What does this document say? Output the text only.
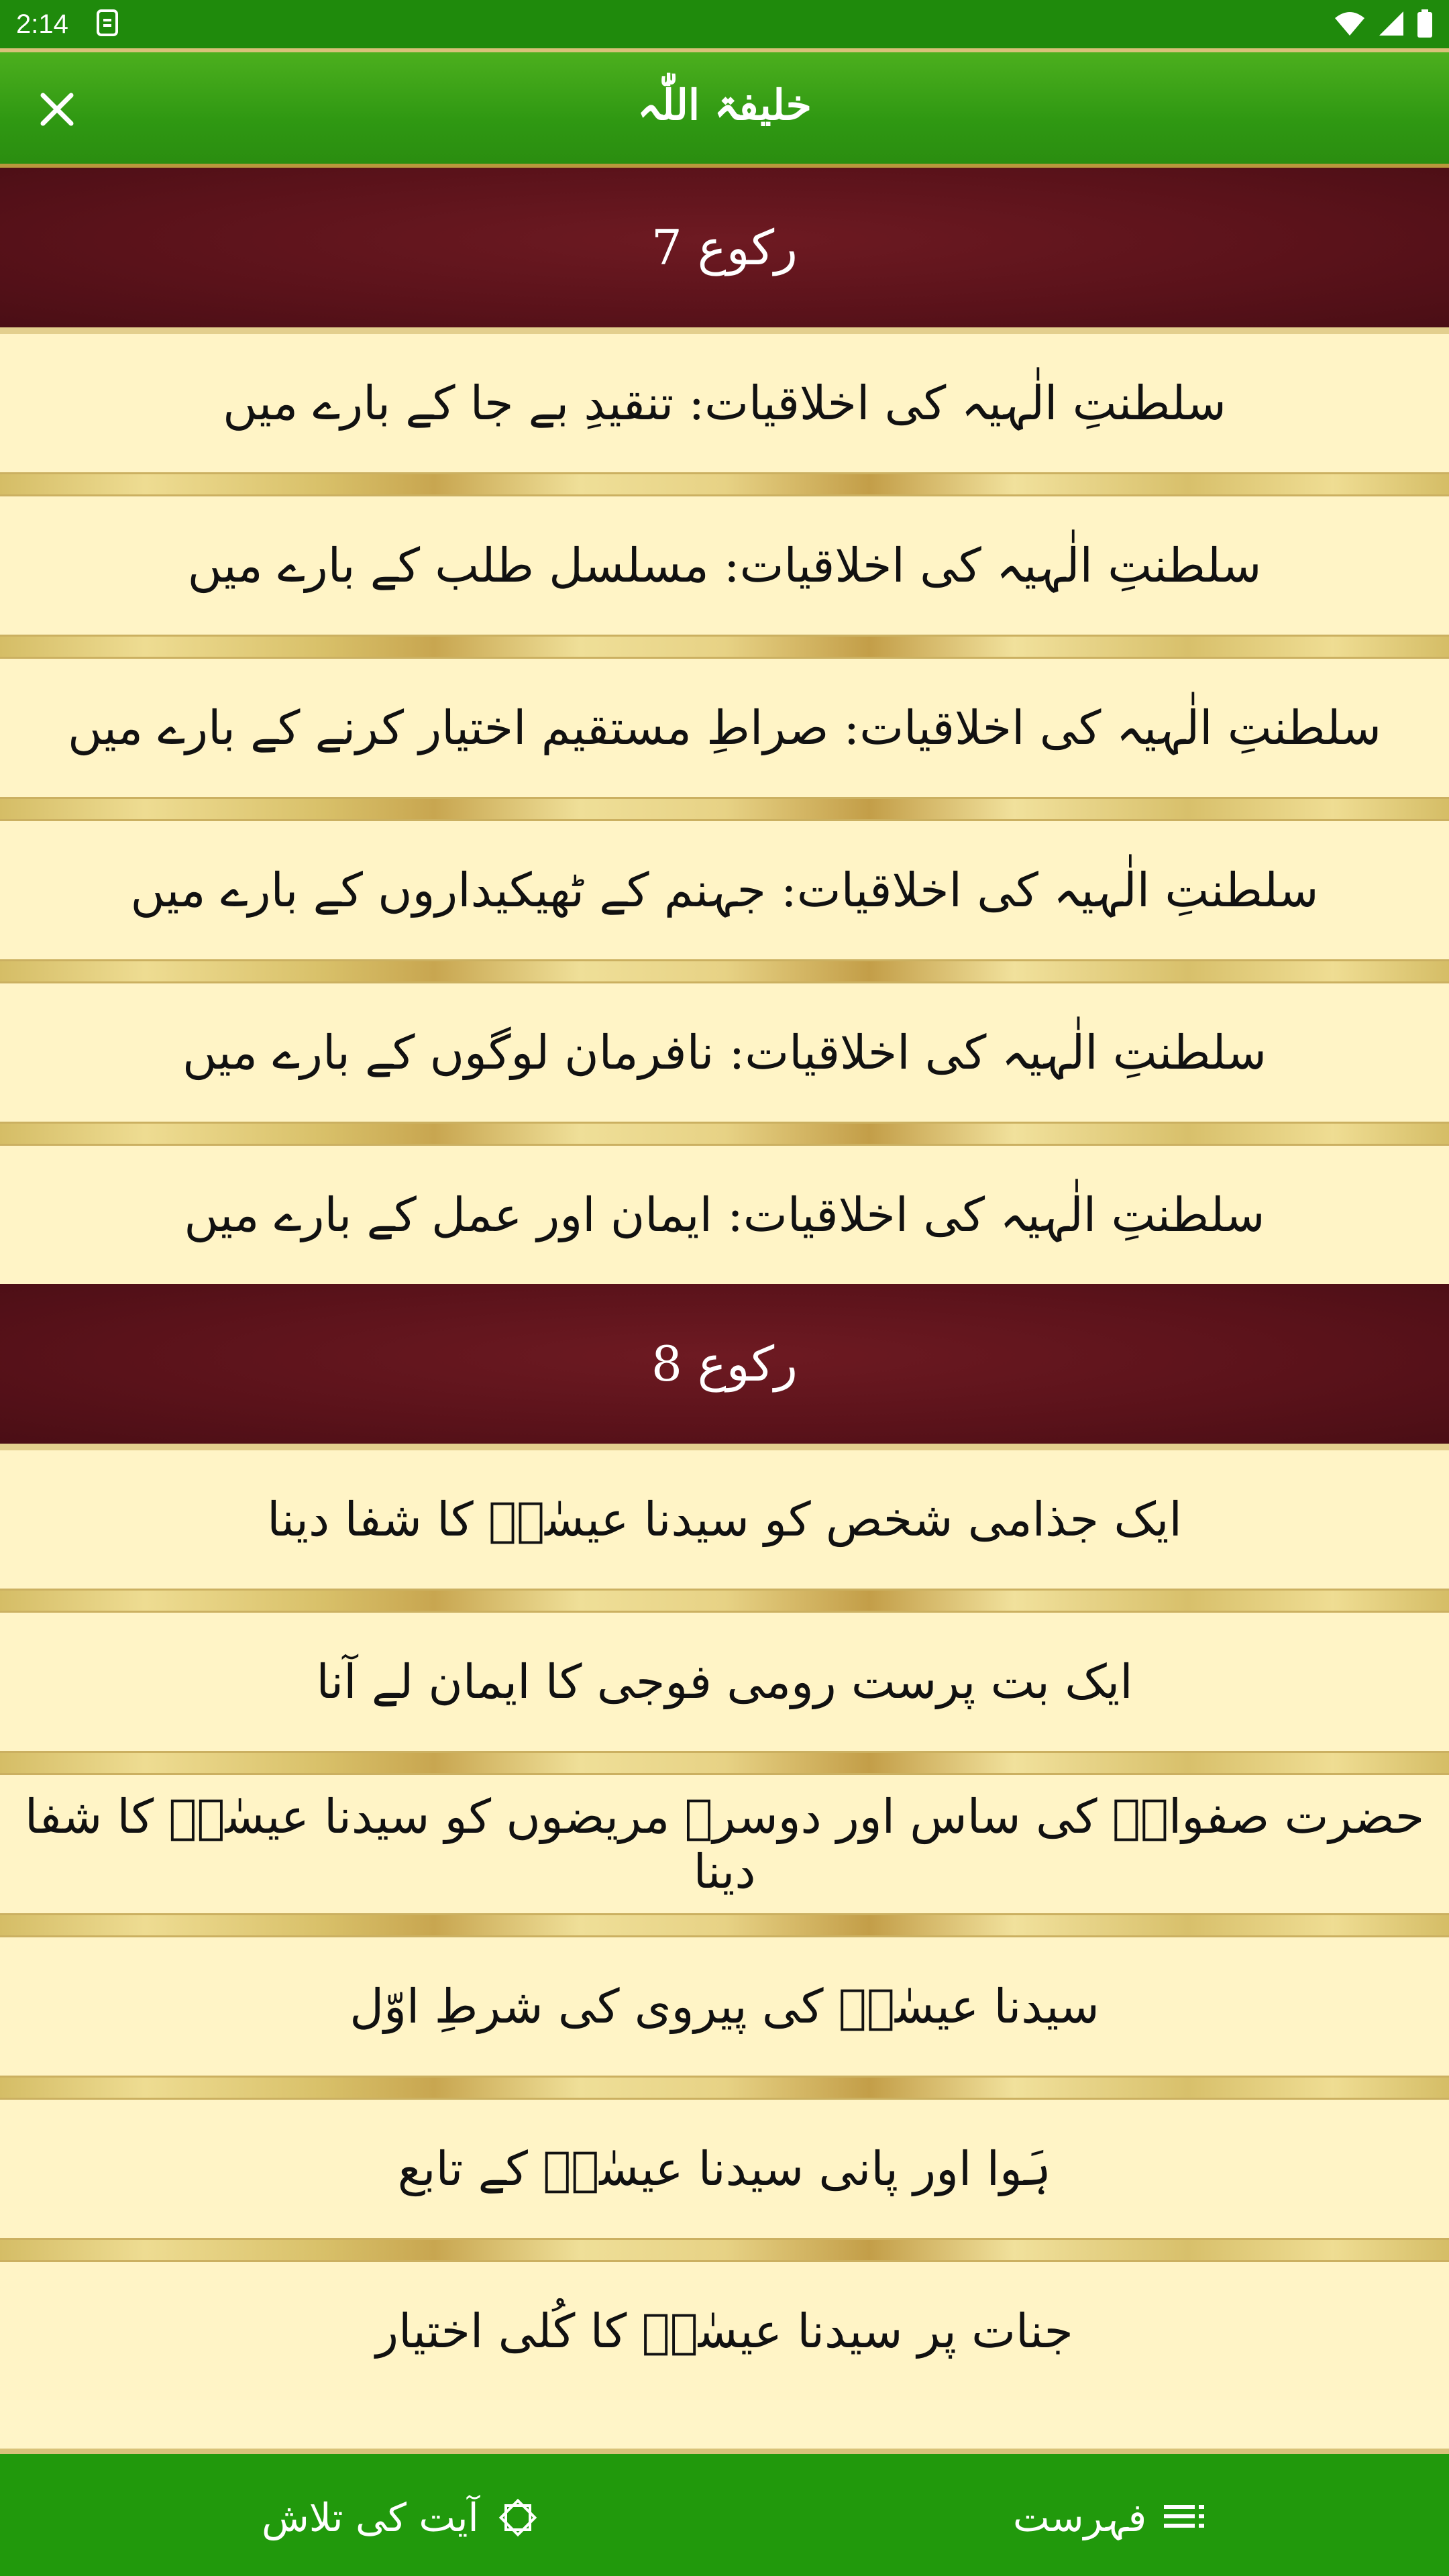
2:14
خلیفۃ اللّٰہ
رکوع 7
سلطنتِ الٰہیہ کی اخلاقیات: تنقیدِ بے جا کے بارے میں
سلطنتِ الٰہیہ کی اخلاقیات: مسلسل طلب کے بارے میں
سلطنتِ الٰہیہ کی اخلاقیات: صراطِ مستقیم اختیار کرنے کے بارے میں
سلطنتِ الٰہیہ کی اخلاقیات: جہنم کے ٹھیکیداروں کے بارے میں
سلطنتِ الٰہیہ کی اخلاقیات: نافرمان لوگوں کے بارے میں
سلطنتِ الٰہیہ کی اخلاقیات: ایمان اور عمل کے بارے میں
رکوع 8
ایک جذامی شخص کو سیدنا عیسٰیؑ کا شفا دینا
ایک بت پرست رومی فوجی کا ایمان لے آنا
حضرت صفوانؓ کی ساس اور دوسرے مریضوں کو سیدنا عیسٰیؑ کا شفا دینا
سیدنا عیسٰیؑ کی پیروی کی شرطِ اوّل
ہَوا اور پانی سیدنا عیسٰیؑ کے تابع
جنات پر سیدنا عیسٰیؑ کا کُلی اختیار
آیت کی تلاش	فہرست
